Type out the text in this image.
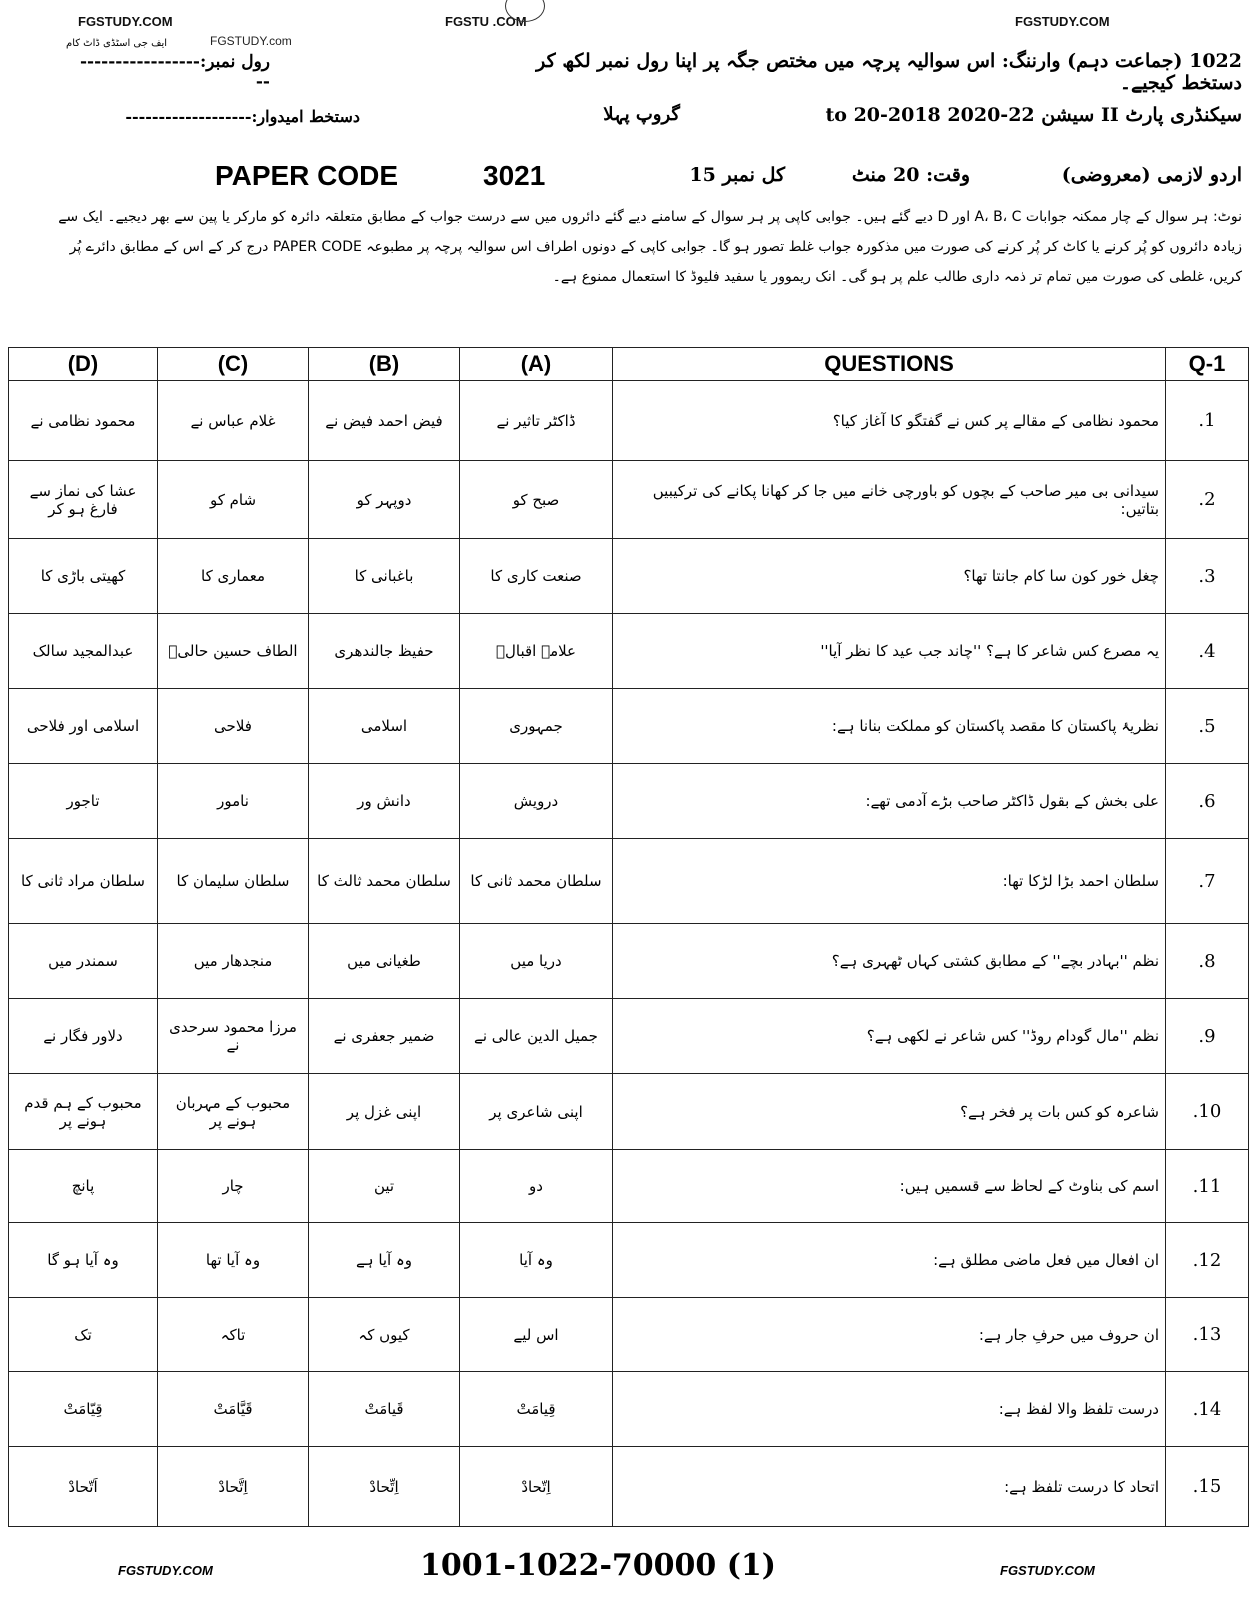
FGSTUDY.COM	FGSTU .COM	FGSTUDY.COM
FGSTUDY.com
ایف جی اسٹڈی ڈاٹ کام
رول نمبر:-------------------
دستخط امیدوار:-------------------
1022 (جماعت دہم) وارننگ: اس سوالیہ پرچہ میں مختص جگہ پر اپنا رول نمبر لکھ کر دستخط کیجیے۔
سیکنڈری پارٹ II سیشن 22-2020 to 20-2018
گروپ پہلا
اردو لازمی (معروضی)
وقت: 20 منٹ
کل نمبر 15
PAPER CODE	3021
نوٹ: ہر سوال کے چار ممکنہ جوابات A، B، C اور D دیے گئے ہیں۔ جوابی کاپی پر ہر سوال کے سامنے دیے گئے دائروں میں سے درست جواب کے مطابق متعلقہ دائرہ کو مارکر یا پین سے بھر دیجیے۔ ایک سے
زیادہ دائروں کو پُر کرنے یا کاٹ کر پُر کرنے کی صورت میں مذکورہ جواب غلط تصور ہو گا۔ جوابی کاپی کے دونوں اطراف اس سوالیہ پرچہ پر مطبوعہ PAPER CODE درج کر کے اس کے مطابق دائرے پُر
کریں، غلطی کی صورت میں تمام تر ذمہ داری طالب علم پر ہو گی۔ انک ریموور یا سفید فلیوڈ کا استعمال ممنوع ہے۔
(D)	(C)	(B)	(A)	QUESTIONS	Q-1
محمود نظامی نے	غلام عباس نے	فیض احمد فیض نے	ڈاکٹر تاثیر نے	محمود نظامی کے مقالے پر کس نے گفتگو کا آغاز کیا؟	.1
عشا کی نماز سے فارغ ہو کر	شام کو	دوپہر کو	صبح کو	سیدانی بی میر صاحب کے بچوں کو باورچی خانے میں جا کر کھانا پکانے کی ترکیبیں بتاتیں:	.2
کھیتی باڑی کا	معماری کا	باغبانی کا	صنعت کاری کا	چغل خور کون سا کام جانتا تھا؟	.3
عبدالمجید سالک	الطاف حسین حالیؔ	حفیظ جالندھری	علامہ اقبالؒ	یہ مصرع کس شاعر کا ہے؟ ''چاند جب عید کا نظر آیا''	.4
اسلامی اور فلاحی	فلاحی	اسلامی	جمہوری	نظریۂ پاکستان کا مقصد پاکستان کو مملکت بنانا ہے:	.5
تاجور	نامور	دانش ور	درویش	علی بخش کے بقول ڈاکٹر صاحب بڑے آدمی تھے:	.6
سلطان مراد ثانی کا	سلطان سلیمان کا	سلطان محمد ثالث کا	سلطان محمد ثانی کا	سلطان احمد بڑا لڑکا تھا:	.7
سمندر میں	منجدھار میں	طغیانی میں	دریا میں	نظم ''بہادر بچے'' کے مطابق کشتی کہاں ٹھہری ہے؟	.8
دلاور فگار نے	مرزا محمود سرحدی نے	ضمیر جعفری نے	جمیل الدین عالی نے	نظم ''مال گودام روڈ'' کس شاعر نے لکھی ہے؟	.9
محبوب کے ہم قدم ہونے پر	محبوب کے مہربان ہونے پر	اپنی غزل پر	اپنی شاعری پر	شاعرہ کو کس بات پر فخر ہے؟	.10
پانچ	چار	تین	دو	اسم کی بناوٹ کے لحاظ سے قسمیں ہیں:	.11
وہ آیا ہو گا	وہ آیا تھا	وہ آیا ہے	وہ آیا	ان افعال میں فعل ماضی مطلق ہے:	.12
تک	تاکہ	کیوں کہ	اس لیے	ان حروف میں حرفِ جار ہے:	.13
قِیّامَتْ	قَیَّامَتْ	قَیامَتْ	قِیامَتْ	درست تلفظ والا لفظ ہے:	.14
اَتّحادْ	اِتَّحادْ	اِتِّحادْ	اِتّحادْ	اتحاد کا درست تلفظ ہے:	.15
FGSTUDY.COM	1001-1022-70000 (1)	FGSTUDY.COM
